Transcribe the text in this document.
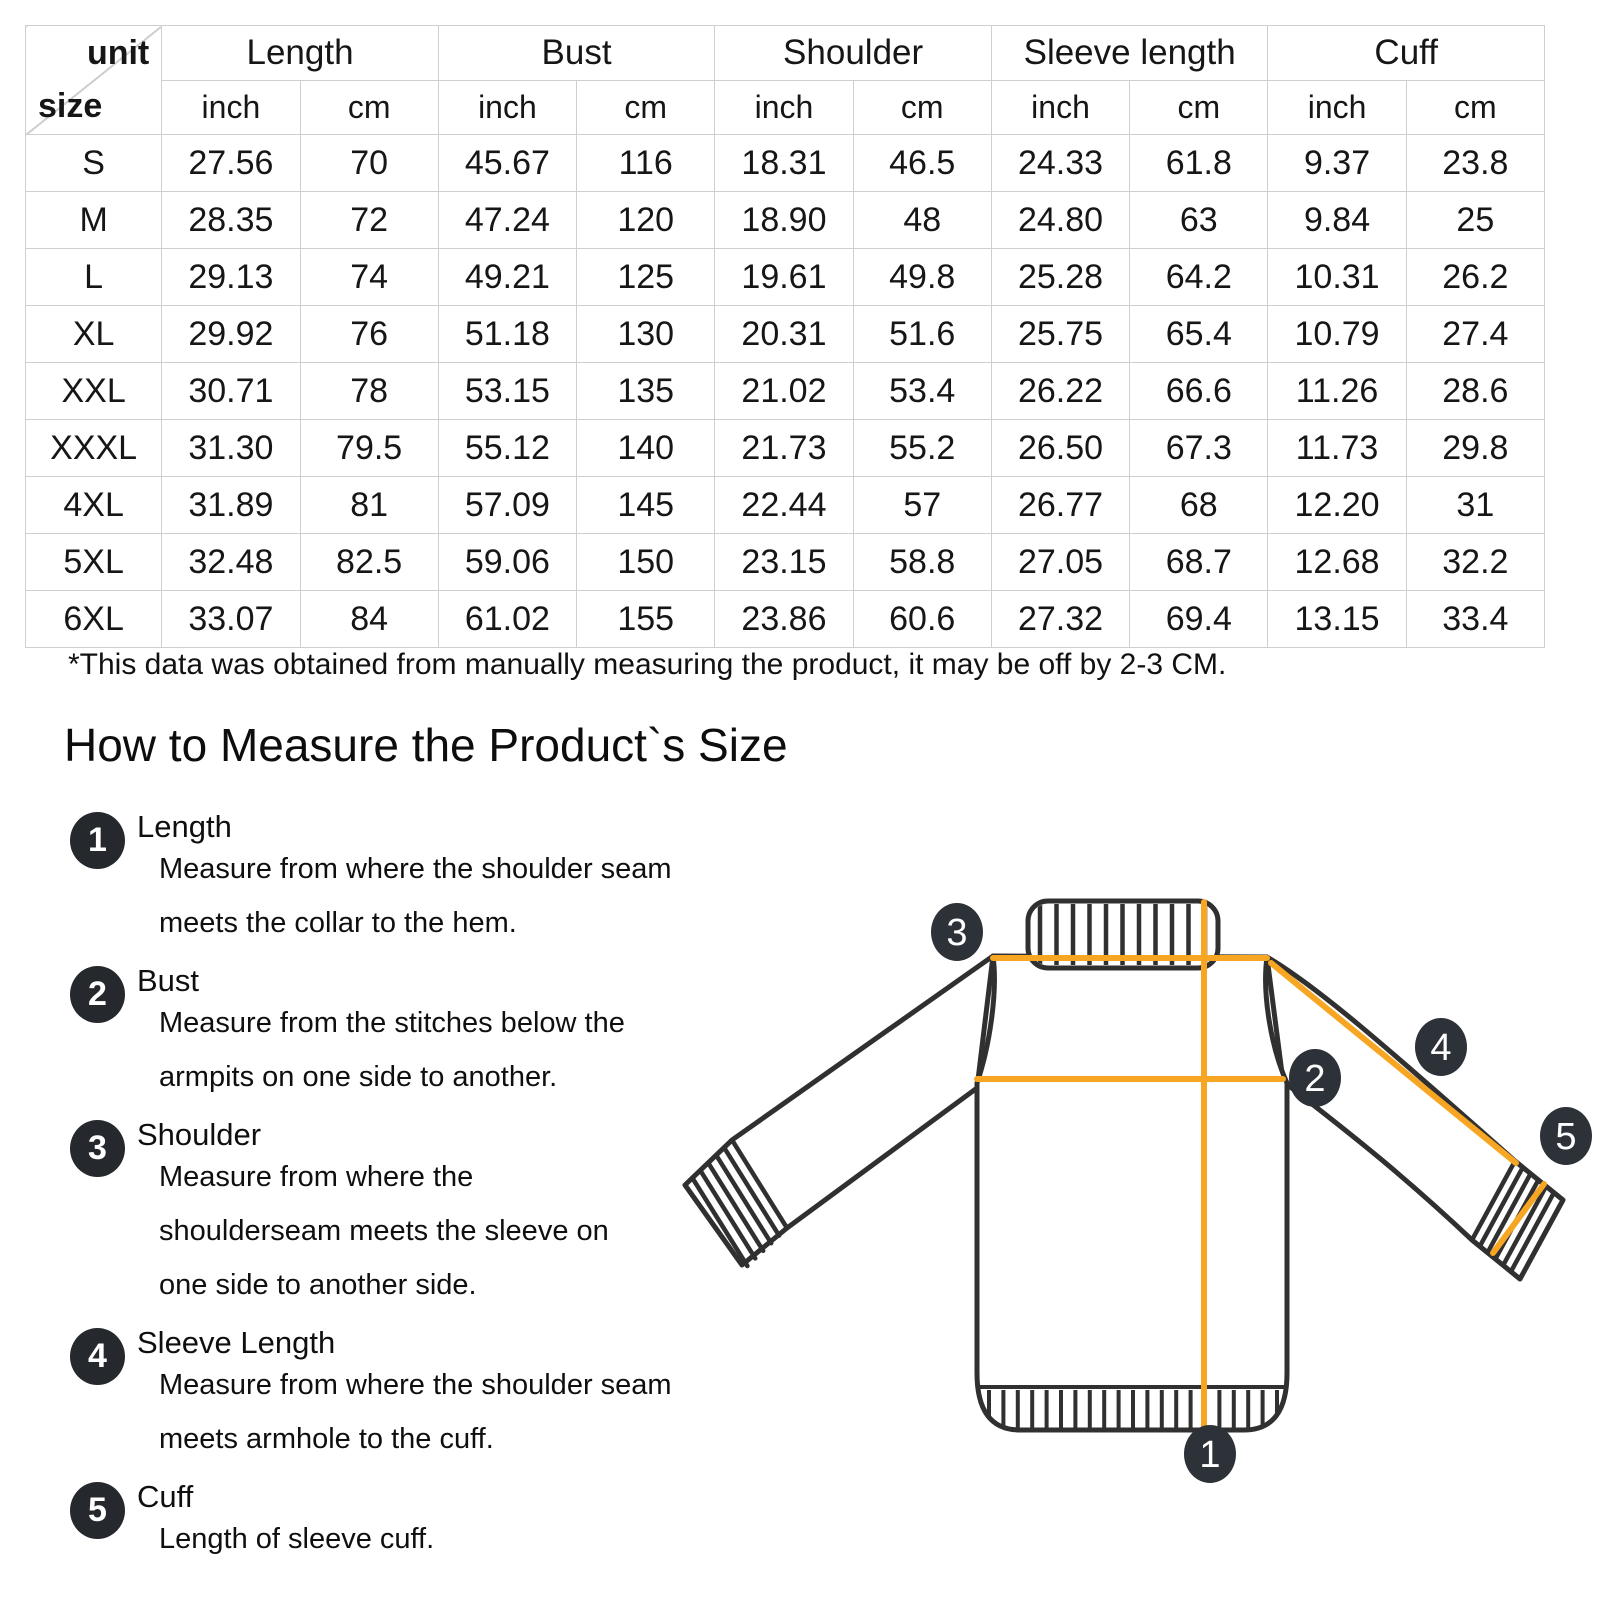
unit
size	Length		Bust		Shoulder		Sleeve length		Cuff	
	inch	cm	inch	cm	inch	cm	inch	cm	inch	cm
S	27.56	70	45.67	116	18.31	46.5	24.33	61.8	9.37	23.8
M	28.35	72	47.24	120	18.90	48	24.80	63	9.84	25
L	29.13	74	49.21	125	19.61	49.8	25.28	64.2	10.31	26.2
XL	29.92	76	51.18	130	20.31	51.6	25.75	65.4	10.79	27.4
XXL	30.71	78	53.15	135	21.02	53.4	26.22	66.6	11.26	28.6
XXXL	31.30	79.5	55.12	140	21.73	55.2	26.50	67.3	11.73	29.8
4XL	31.89	81	57.09	145	22.44	57	26.77	68	12.20	31
5XL	32.48	82.5	59.06	150	23.15	58.8	27.05	68.7	12.68	32.2
6XL	33.07	84	61.02	155	23.86	60.6	27.32	69.4	13.15	33.4
*This data was obtained from manually measuring the product, it may be off by 2-3 CM.
How to Measure the Product`s Size
1 Length
Measure from where the shoulder seam
meets the collar to the hem.
2 Bust
Measure from the stitches below the
armpits on one side to another.
3 Shoulder
Measure from where the
shoulderseam meets the sleeve on
one side to another side.
4 Sleeve Length
Measure from where the shoulder seam
meets armhole to the cuff.
5 Cuff
Length of sleeve cuff.
3
2
4
5
1
